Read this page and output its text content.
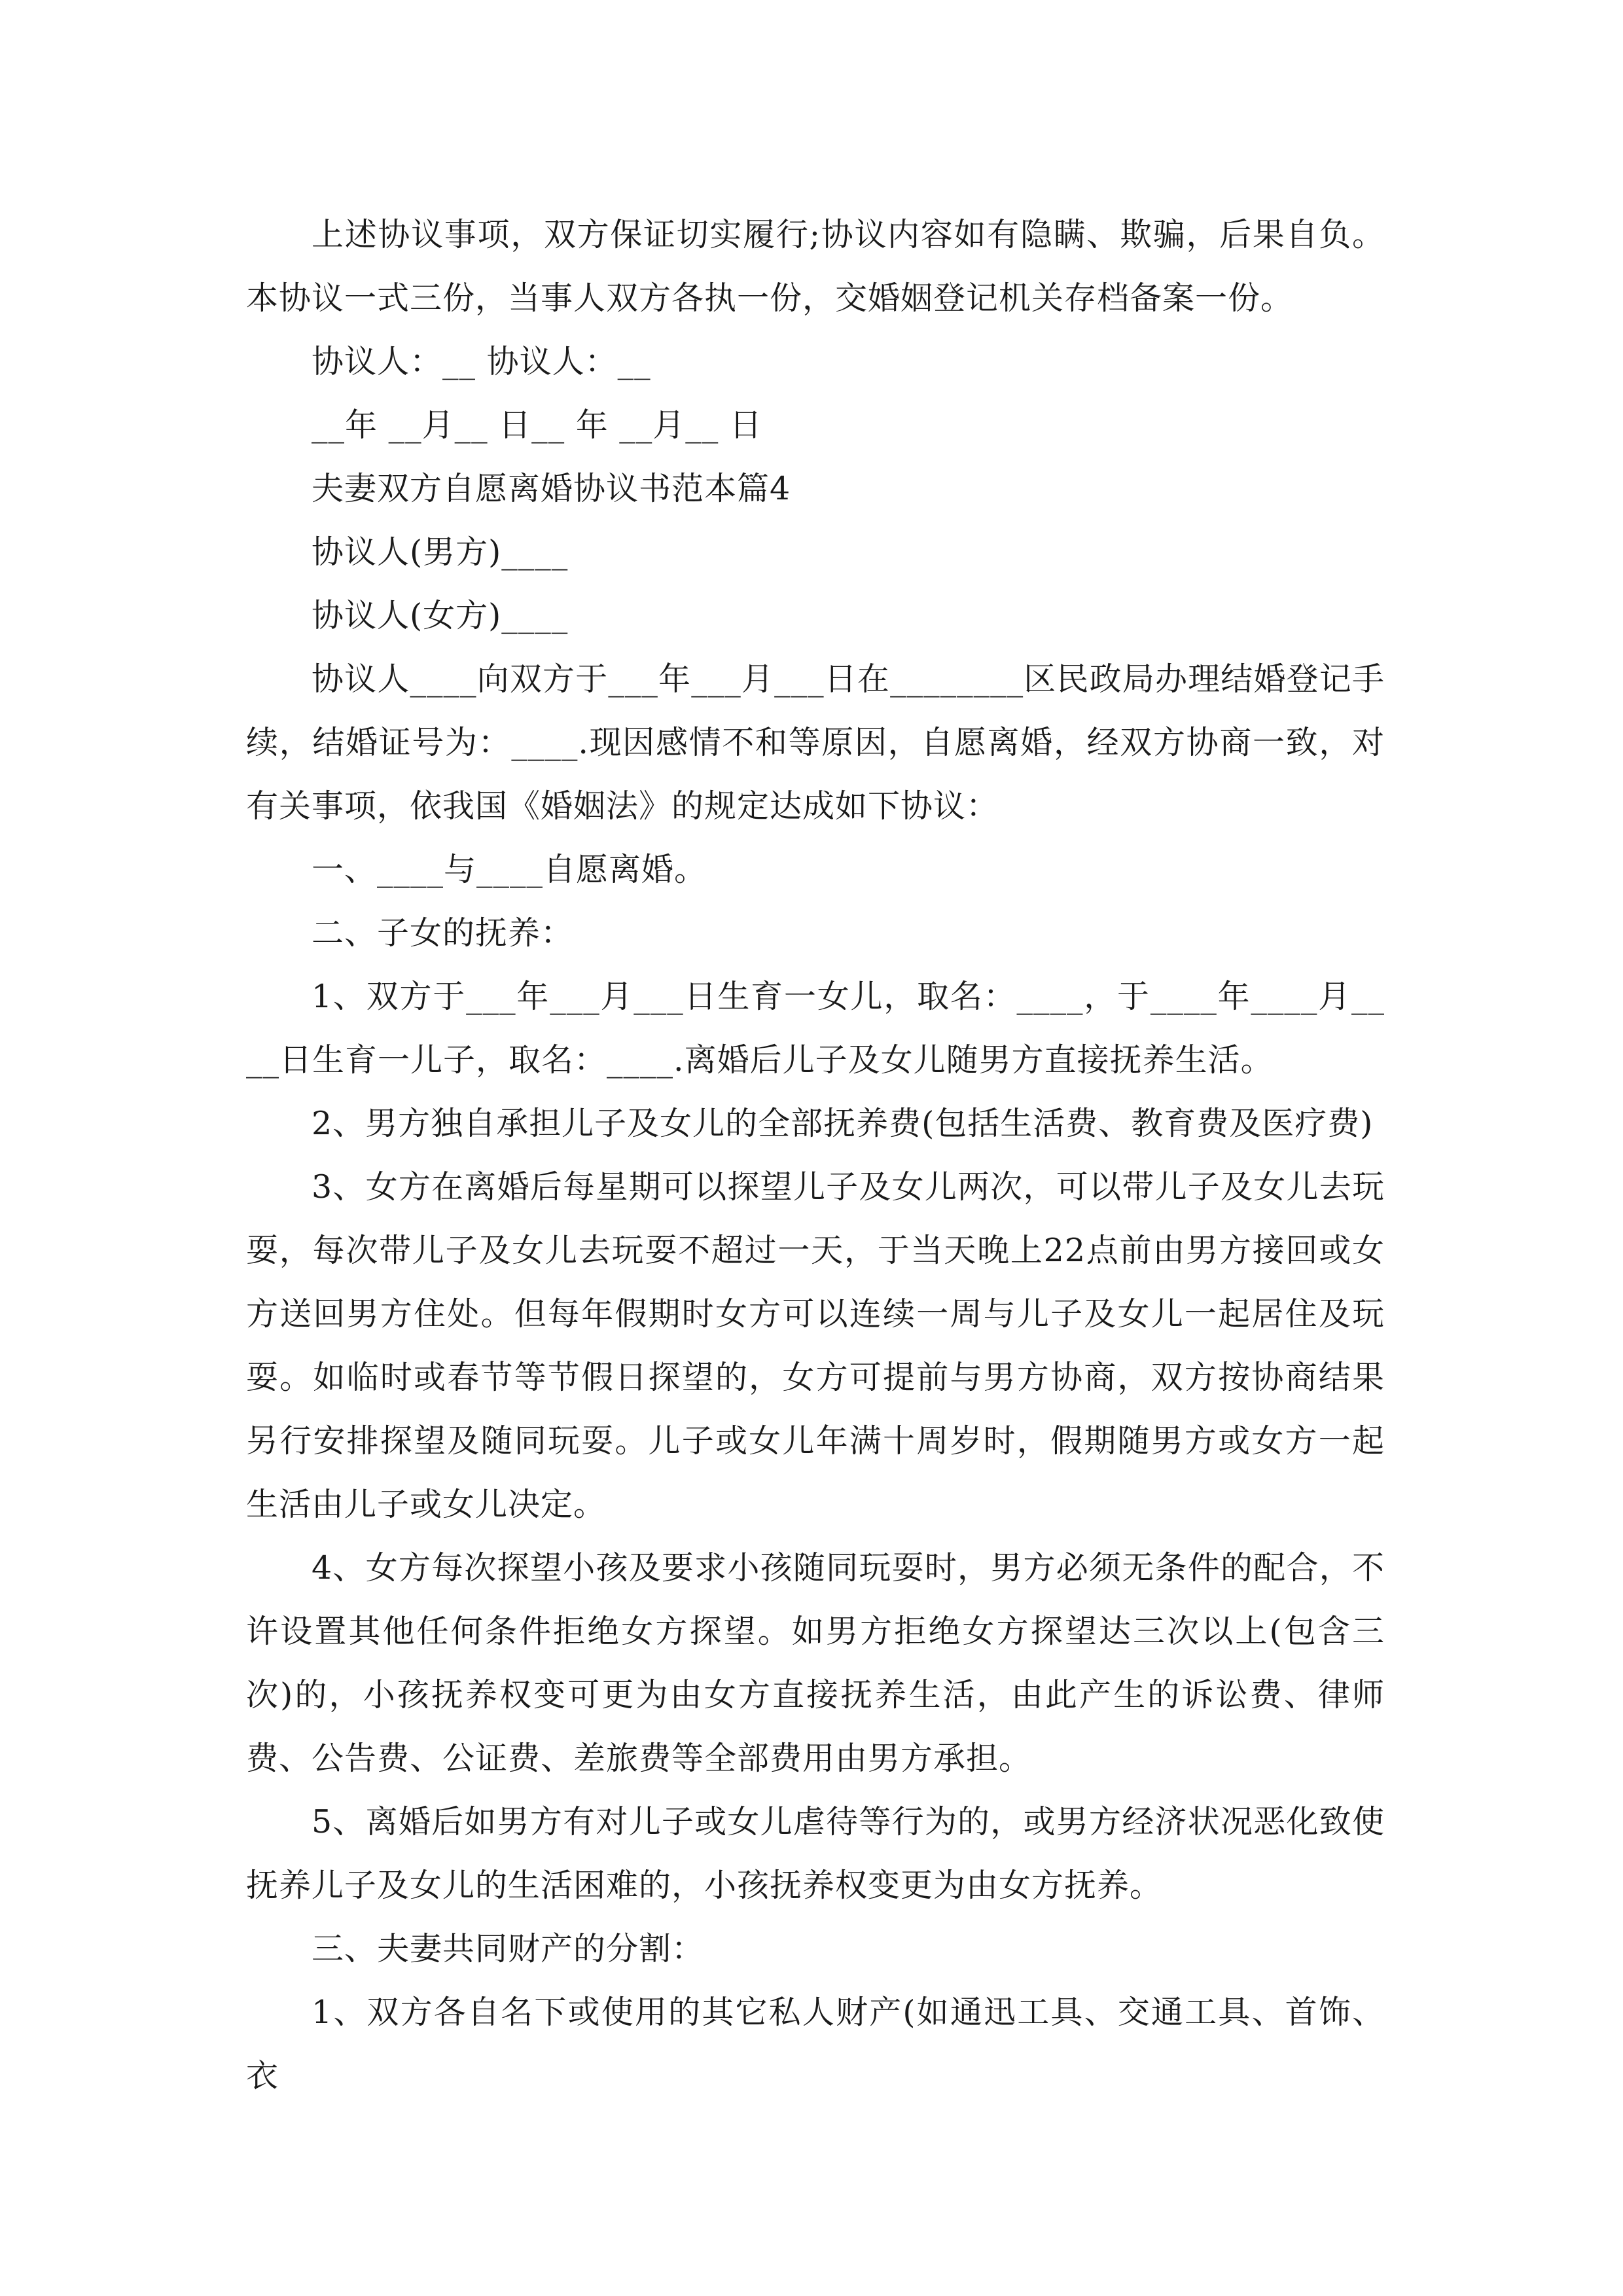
上述协议事项，双方保证切实履行;协议内容如有隐瞒、欺骗，后果自负。本协议一式三份，当事人双方各执一份，交婚姻登记机关存档备案一份。

协议人：__ 协议人：__

__年 __月__ 日__ 年 __月__ 日

夫妻双方自愿离婚协议书范本篇4

协议人(男方)____

协议人(女方)____

协议人____向双方于___年___月___日在________区民政局办理结婚登记手续，结婚证号为：____.现因感情不和等原因，自愿离婚，经双方协商一致，对有关事项，依我国《婚姻法》的规定达成如下协议：

一、____与____自愿离婚。

二、子女的抚养：

1、双方于___年___月___日生育一女儿，取名：____，于____年____月____日生育一儿子，取名：____.离婚后儿子及女儿随男方直接抚养生活。

2、男方独自承担儿子及女儿的全部抚养费(包括生活费、教育费及医疗费)

3、女方在离婚后每星期可以探望儿子及女儿两次，可以带儿子及女儿去玩耍，每次带儿子及女儿去玩耍不超过一天，于当天晚上22点前由男方接回或女方送回男方住处。但每年假期时女方可以连续一周与儿子及女儿一起居住及玩耍。如临时或春节等节假日探望的，女方可提前与男方协商，双方按协商结果另行安排探望及随同玩耍。儿子或女儿年满十周岁时，假期随男方或女方一起生活由儿子或女儿决定。

4、女方每次探望小孩及要求小孩随同玩耍时，男方必须无条件的配合，不许设置其他任何条件拒绝女方探望。如男方拒绝女方探望达三次以上(包含三次)的，小孩抚养权变可更为由女方直接抚养生活，由此产生的诉讼费、律师费、公告费、公证费、差旅费等全部费用由男方承担。

5、离婚后如男方有对儿子或女儿虐待等行为的，或男方经济状况恶化致使抚养儿子及女儿的生活困难的，小孩抚养权变更为由女方抚养。

三、夫妻共同财产的分割：

1、双方各自名下或使用的其它私人财产(如通迅工具、交通工具、首饰、衣
